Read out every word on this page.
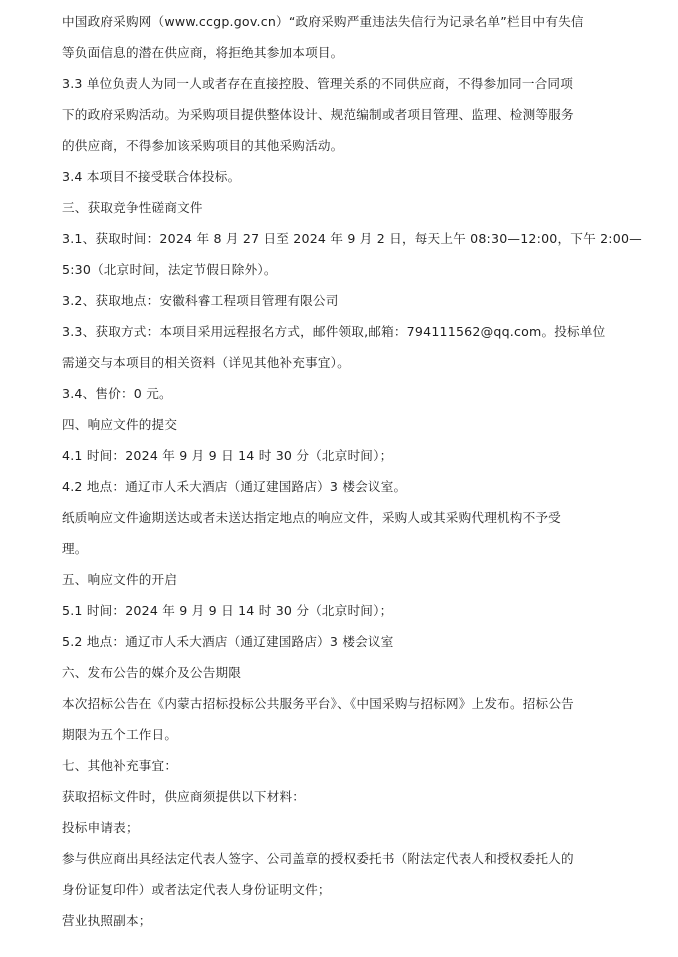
中国政府采购网（www.ccgp.gov.cn）“政府采购严重违法失信行为记录名单”栏目中有失信
等负面信息的潜在供应商，将拒绝其参加本项目。
3.3 单位负责人为同一人或者存在直接控股、管理关系的不同供应商，不得参加同一合同项
下的政府采购活动。为采购项目提供整体设计、规范编制或者项目管理、监理、检测等服务
的供应商，不得参加该采购项目的其他采购活动。
3.4 本项目不接受联合体投标。
三、获取竞争性磋商文件
3.1、获取时间：2024 年 8 月 27 日至 2024 年 9 月 2 日，每天上午 08:30—12:00，下午 2:00—
5:30（北京时间，法定节假日除外）。
3.2、获取地点：安徽科睿工程项目管理有限公司
3.3、获取方式：本项目采用远程报名方式，邮件领取,邮箱：794111562@qq.com。投标单位
需递交与本项目的相关资料（详见其他补充事宜）。
3.4、售价：0 元。
四、响应文件的提交
4.1 时间：2024 年 9 月 9 日 14 时 30 分（北京时间）；
4.2 地点：通辽市人禾大酒店（通辽建国路店）3 楼会议室。
纸质响应文件逾期送达或者未送达指定地点的响应文件，采购人或其采购代理机构不予受
理。
五、响应文件的开启
5.1 时间：2024 年 9 月 9 日 14 时 30 分（北京时间）；
5.2 地点：通辽市人禾大酒店（通辽建国路店）3 楼会议室
六、发布公告的媒介及公告期限
本次招标公告在《内蒙古招标投标公共服务平台》、《中国采购与招标网》上发布。招标公告
期限为五个工作日。
七、其他补充事宜：
获取招标文件时，供应商须提供以下材料：
投标申请表；
参与供应商出具经法定代表人签字、公司盖章的授权委托书（附法定代表人和授权委托人的
身份证复印件）或者法定代表人身份证明文件；
营业执照副本；
